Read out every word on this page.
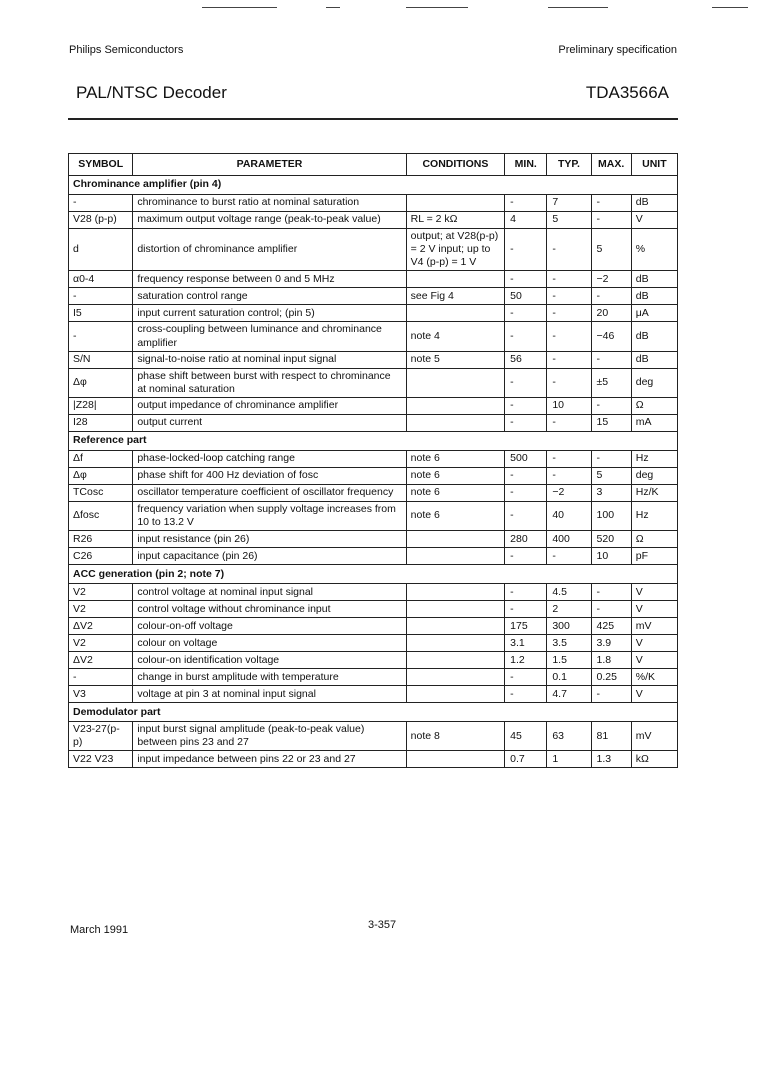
Philips Semiconductors	Preliminary specification
PAL/NTSC Decoder	TDA3566A
SYMBOL	PARAMETER	CONDITIONS	MIN.	TYP.	MAX.	UNIT
Chrominance amplifier (pin 4)						
-	chrominance to burst ratio at nominal saturation		-	7	-	dB
V28 (p-p)	maximum output voltage range (peak-to-peak value)	RL = 2 kΩ	4	5	-	V
d	distortion of chrominance amplifier	output; at V28(p-p) = 2 V input; up to V4 (p-p) = 1 V	-	-	5	%
α0-4	frequency response between 0 and 5 MHz		-	-	−2	dB
-	saturation control range	see Fig 4	50	-	-	dB
I5	input current saturation control; (pin 5)		-	-	20	μA
-	cross-coupling between luminance and chrominance amplifier	note 4	-	-	−46	dB
S/N	signal-to-noise ratio at nominal input signal	note 5	56	-	-	dB
Δφ	phase shift between burst with respect to chrominance at nominal saturation		-	-	±5	deg
|Z28|	output impedance of chrominance amplifier		-	10	-	Ω
I28	output current		-	-	15	mA
Reference part						
Δf	phase-locked-loop catching range	note 6	500	-	-	Hz
Δφ	phase shift for 400 Hz deviation of fosc	note 6	-	-	5	deg
TCosc	oscillator temperature coefficient of oscillator frequency	note 6	-	−2	3	Hz/K
Δfosc	frequency variation when supply voltage increases from 10 to 13.2 V	note 6	-	40	100	Hz
R26	input resistance (pin 26)		280	400	520	Ω
C26	input capacitance (pin 26)		-	-	10	pF
ACC generation (pin 2; note 7)						
V2	control voltage at nominal input signal		-	4.5	-	V
V2	control voltage without chrominance input		-	2	-	V
ΔV2	colour-on-off voltage		175	300	425	mV
V2	colour on voltage		3.1	3.5	3.9	V
ΔV2	colour-on identification voltage		1.2	1.5	1.8	V
-	change in burst amplitude with temperature		-	0.1	0.25	%/K
V3	voltage at pin 3 at nominal input signal		-	4.7	-	V
Demodulator part						
V23-27(p-p)	input burst signal amplitude (peak-to-peak value) between pins 23 and 27	note 8	45	63	81	mV
V22 V23	input impedance between pins 22 or 23 and 27		0.7	1	1.3	kΩ
March 1991	3-357
